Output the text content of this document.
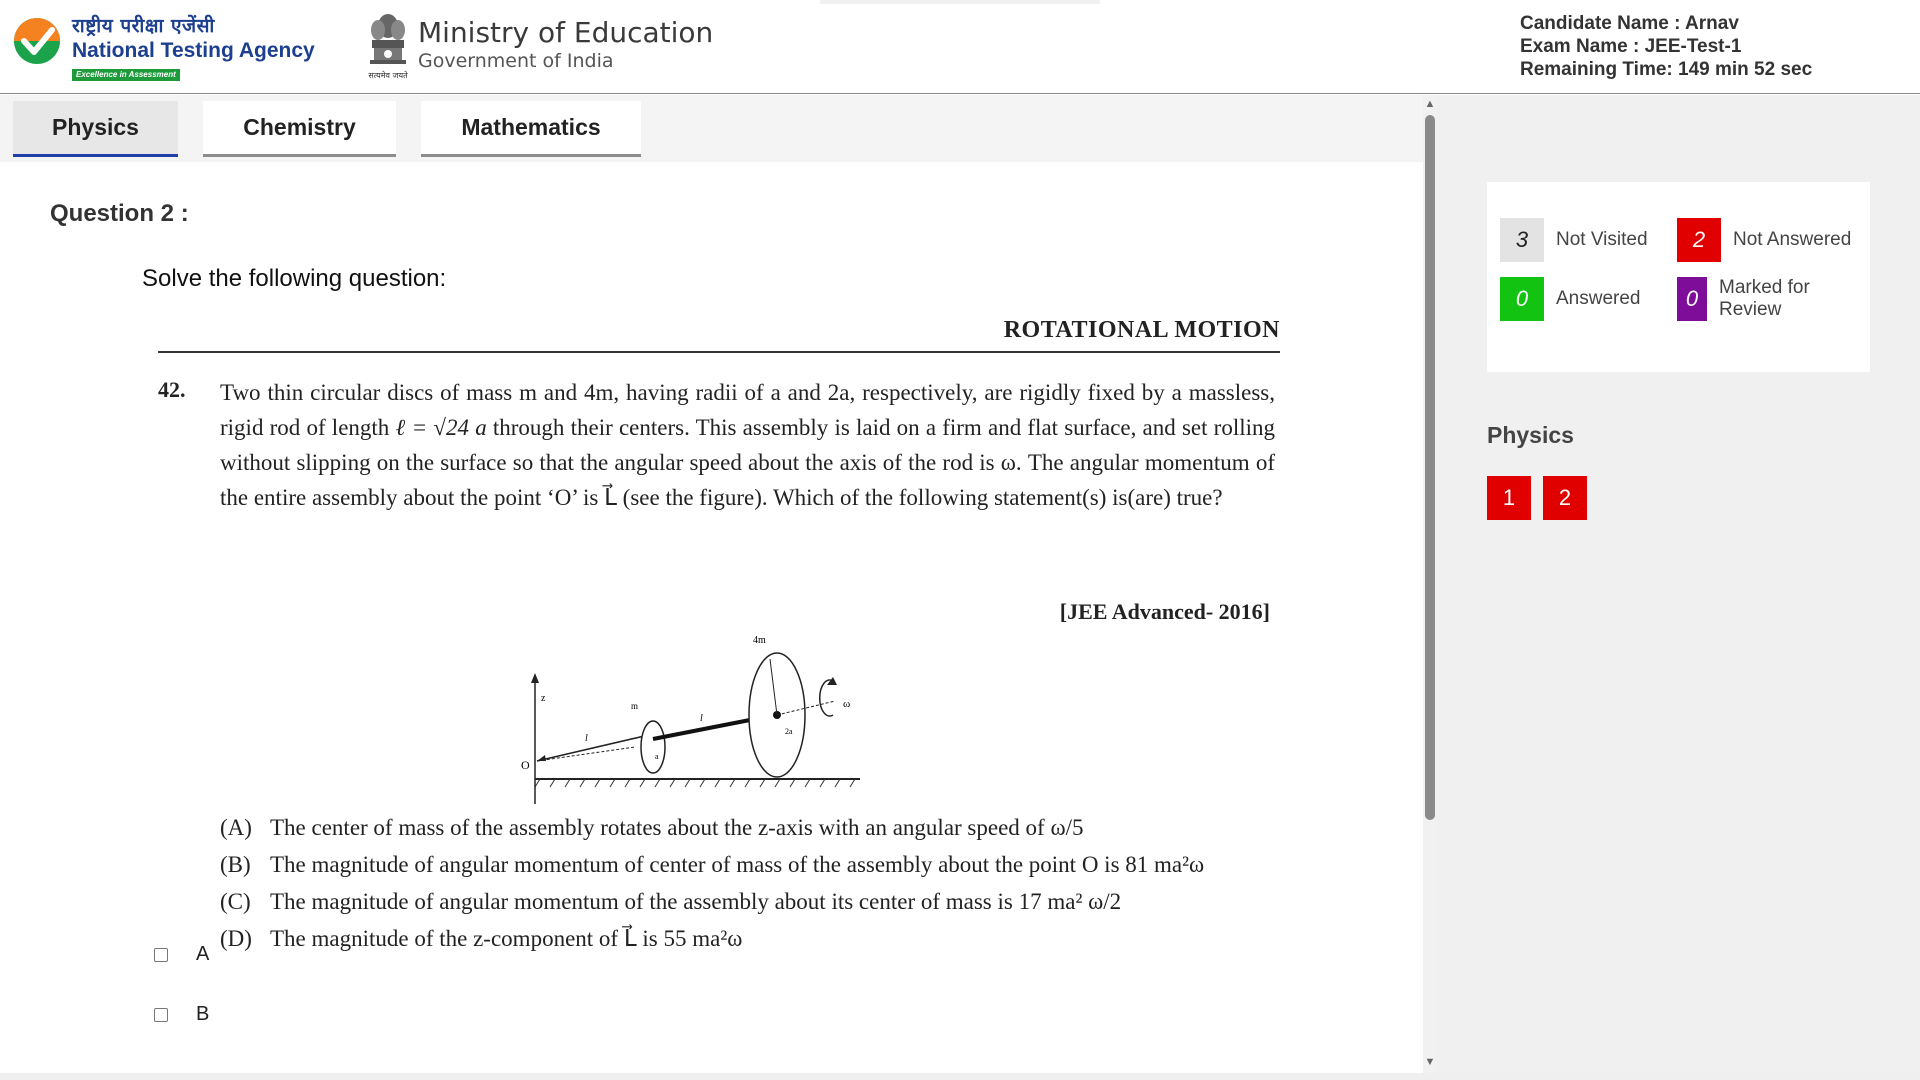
राष्ट्रीय परीक्षा एजेंसी
National Testing Agency
Excellence in Assessment	सत्यमेव जयते
Ministry of Education
Government of India
Candidate Name : Arnav
Exam Name : JEE-Test-1
Remaining Time: 149 min 52 sec
Physics	Chemistry	Mathematics
Question 2 :
Solve the following question:
ROTATIONAL MOTION
42. Two thin circular discs of mass m and 4m, having radii of a and 2a, respectively, are rigidly fixed by a massless, rigid rod of length ℓ = √24 a through their centers. This assembly is laid on a firm and flat surface, and set rolling without slipping on the surface so that the angular speed about the axis of the rod is ω. The angular momentum of the entire assembly about the point ‘O’ is L⃗ (see the figure). Which of the following statement(s) is(are) true?
[JEE Advanced- 2016]
z
O
l
m
a
l
4m
2a
ω
(A) The center of mass of the assembly rotates about the z-axis with an angular speed of ω/5
(B) The magnitude of angular momentum of center of mass of the assembly about the point O is 81 ma²ω
(C) The magnitude of angular momentum of the assembly about its center of mass is 17 ma² ω/2
(D) The magnitude of the z-component of L⃗ is 55 ma²ω
A
B
▲
▼
3	Not Visited	2	Not Answered
0	Answered	0	Marked for Review
Physics
1	2
